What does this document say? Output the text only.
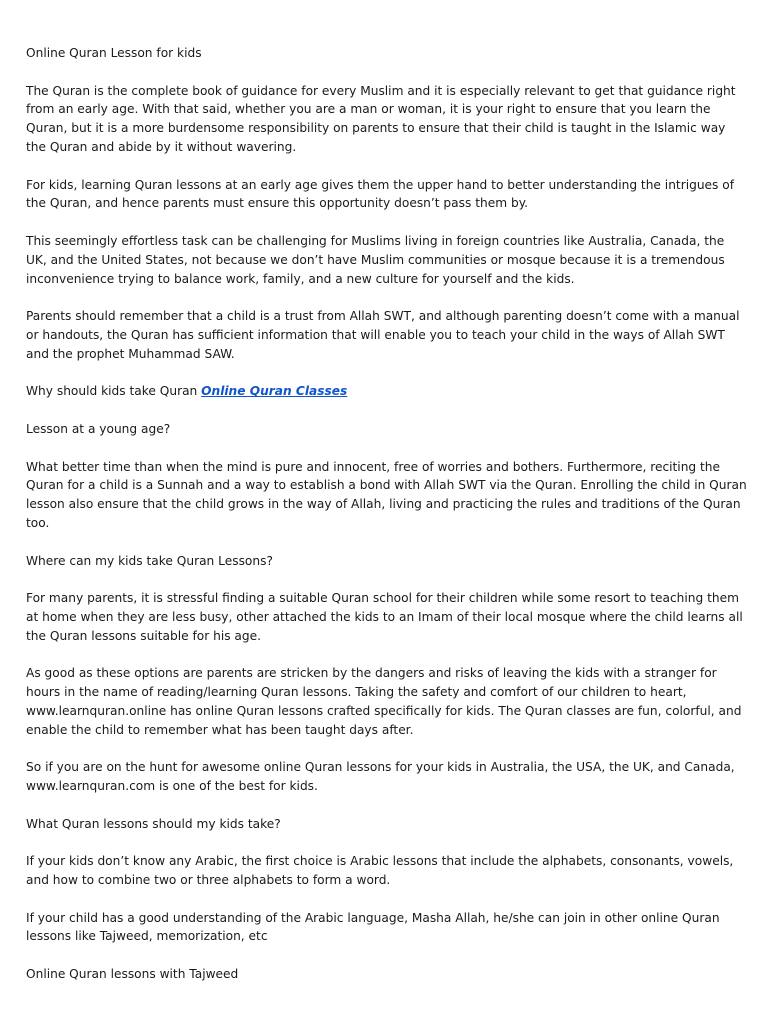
Online Quran Lesson for kids

The Quran is the complete book of guidance for every Muslim and it is especially relevant to get that guidance right from an early age. With that said, whether you are a man or woman, it is your right to ensure that you learn the Quran, but it is a more burdensome responsibility on parents to ensure that their child is taught in the Islamic way the Quran and abide by it without wavering.

For kids, learning Quran lessons at an early age gives them the upper hand to better understanding the intrigues of the Quran, and hence parents must ensure this opportunity doesn’t pass them by.

This seemingly effortless task can be challenging for Muslims living in foreign countries like Australia, Canada, the UK, and the United States, not because we don’t have Muslim communities or mosque because it is a tremendous inconvenience trying to balance work, family, and a new culture for yourself and the kids.

Parents should remember that a child is a trust from Allah SWT, and although parenting doesn’t come with a manual or handouts, the Quran has sufficient information that will enable you to teach your child in the ways of Allah SWT and the prophet Muhammad SAW.

Why should kids take Quran Online Quran Classes

Lesson at a young age?

What better time than when the mind is pure and innocent, free of worries and bothers. Furthermore, reciting the Quran for a child is a Sunnah and a way to establish a bond with Allah SWT via the Quran. Enrolling the child in Quran lesson also ensure that the child grows in the way of Allah, living and practicing the rules and traditions of the Quran too.

Where can my kids take Quran Lessons?

For many parents, it is stressful finding a suitable Quran school for their children while some resort to teaching them at home when they are less busy, other attached the kids to an Imam of their local mosque where the child learns all the Quran lessons suitable for his age.

As good as these options are parents are stricken by the dangers and risks of leaving the kids with a stranger for hours in the name of reading/learning Quran lessons. Taking the safety and comfort of our children to heart, www.learnquran.online has online Quran lessons crafted specifically for kids. The Quran classes are fun, colorful, and enable the child to remember what has been taught days after.

So if you are on the hunt for awesome online Quran lessons for your kids in Australia, the USA, the UK, and Canada, www.learnquran.com is one of the best for kids.

What Quran lessons should my kids take?

If your kids don’t know any Arabic, the first choice is Arabic lessons that include the alphabets, consonants, vowels, and how to combine two or three alphabets to form a word.

If your child has a good understanding of the Arabic language, Masha Allah, he/she can join in other online Quran lessons like Tajweed, memorization, etc

Online Quran lessons with Tajweed
